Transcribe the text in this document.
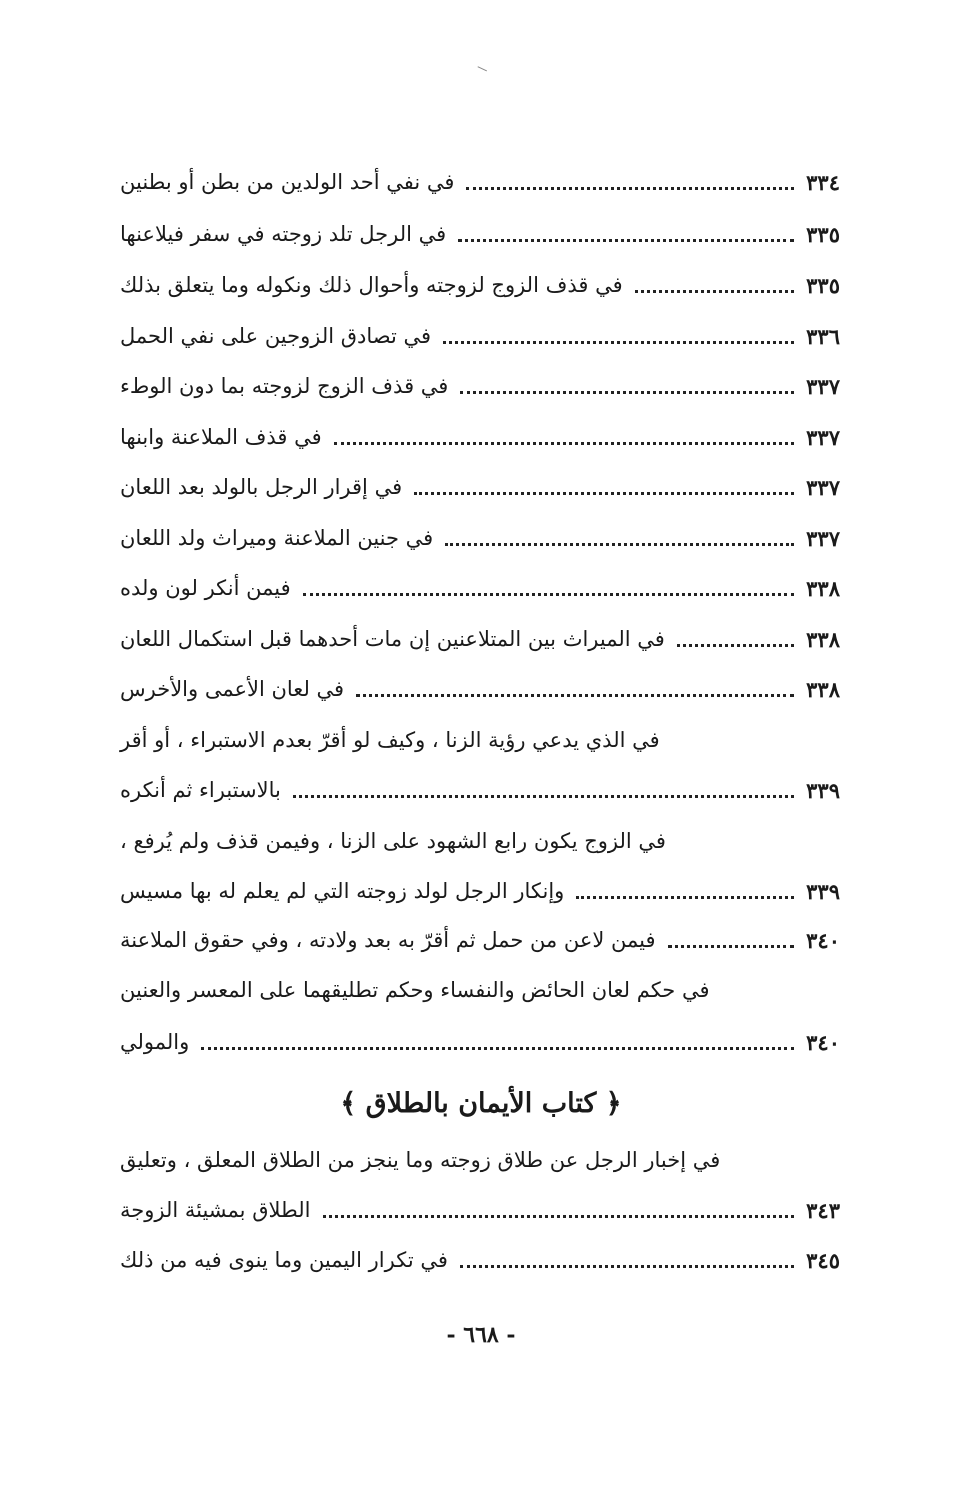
في نفي أحد الولدين من بطن أو بطنين	٣٣٤
في الرجل تلد زوجته في سفر فيلاعنها	٣٣٥
في قذف الزوج لزوجته وأحوال ذلك ونكوله وما يتعلق بذلك	٣٣٥
في تصادق الزوجين على نفي الحمل	٣٣٦
في قذف الزوج لزوجته بما دون الوطء	٣٣٧
في قذف الملاعنة وابنها	٣٣٧
في إقرار الرجل بالولد بعد اللعان	٣٣٧
في جنين الملاعنة وميراث ولد اللعان	٣٣٧
فيمن أنكر لون ولده	٣٣٨
في الميراث بين المتلاعنين إن مات أحدهما قبل استكمال اللعان	٣٣٨
في لعان الأعمى والأخرس	٣٣٨
في الذي يدعي رؤية الزنا ، وكيف لو أقرّ بعدم الاستبراء ، أو أقر
بالاستبراء ثم أنكره	٣٣٩
في الزوج يكون رابع الشهود على الزنا ، وفيمن قذف ولم يُرفع ،
وإنكار الرجل لولد زوجته التي لم يعلم له بها مسيس	٣٣٩
فيمن لاعن من حمل ثم أقرّ به بعد ولادته ، وفي حقوق الملاعنة	٣٤٠
في حكم لعان الحائض والنفساء وحكم تطليقهما على المعسر والعنين
والمولي	٣٤٠
﴿ كتاب الأيمان بالطلاق ﴾
في إخبار الرجل عن طلاق زوجته وما ينجز من الطلاق المعلق ، وتعليق
الطلاق بمشيئة الزوجة	٣٤٣
في تكرار اليمين وما ينوى فيه من ذلك	٣٤٥
- ٦٦٨ -
